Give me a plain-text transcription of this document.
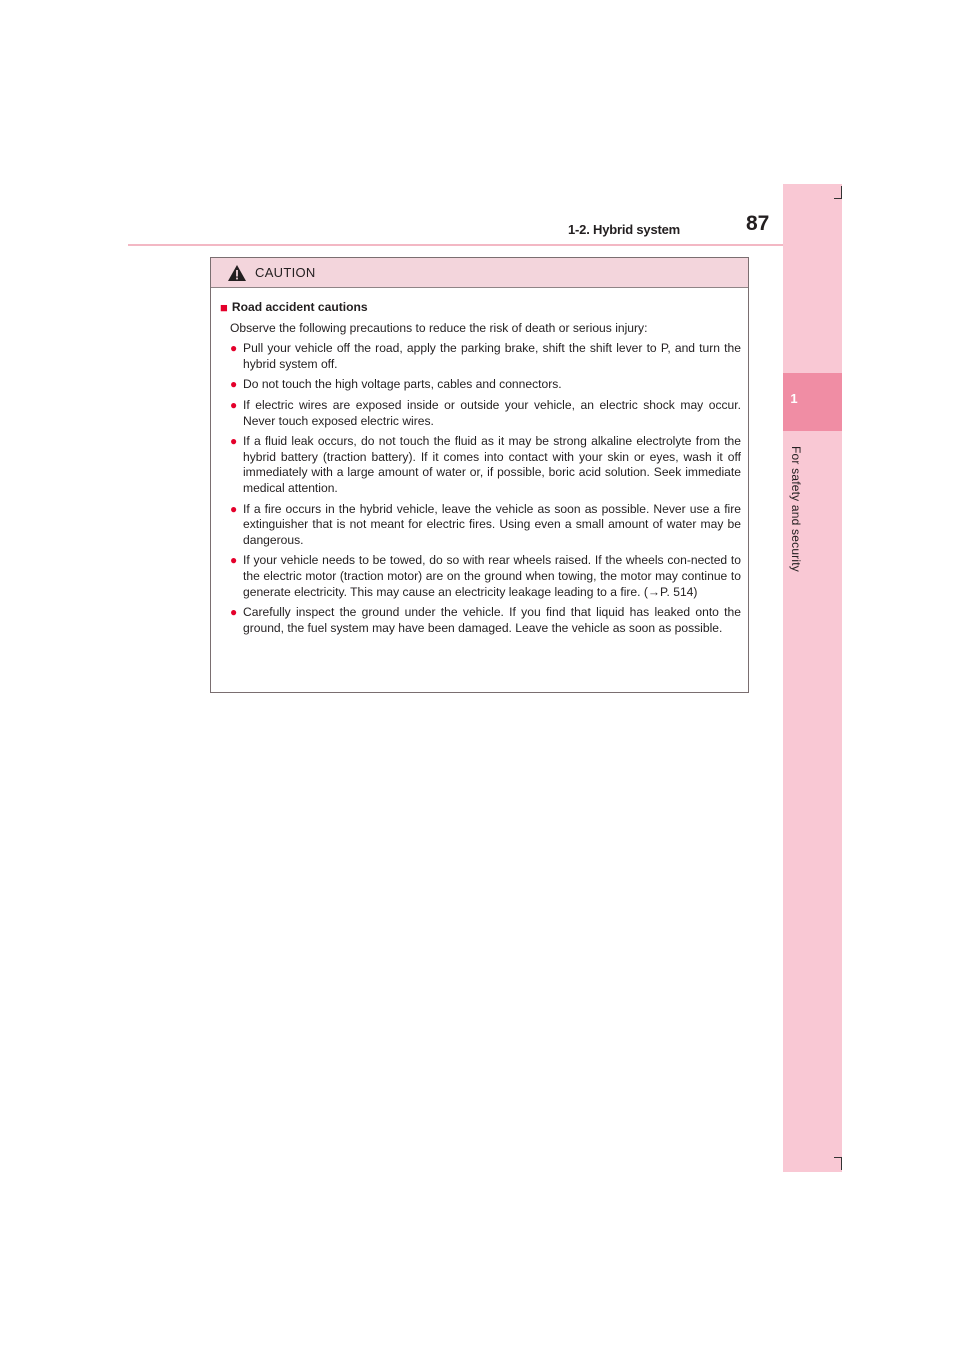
1-2. Hybrid system	87
1
For safety and security
CAUTION
■ Road accident cautions
Observe the following precautions to reduce the risk of death or serious injury:
● Pull your vehicle off the road, apply the parking brake, shift the shift lever to P, and turn the hybrid system off.
● Do not touch the high voltage parts, cables and connectors.
● If electric wires are exposed inside or outside your vehicle, an electric shock may occur. Never touch exposed electric wires.
● If a fluid leak occurs, do not touch the fluid as it may be strong alkaline electrolyte from the hybrid battery (traction battery). If it comes into contact with your skin or eyes, wash it off immediately with a large amount of water or, if possible, boric acid solution. Seek immediate medical attention.
● If a fire occurs in the hybrid vehicle, leave the vehicle as soon as possible. Never use a fire extinguisher that is not meant for electric fires. Using even a small amount of water may be dangerous.
● If your vehicle needs to be towed, do so with rear wheels raised. If the wheels con-nected to the electric motor (traction motor) are on the ground when towing, the motor may continue to generate electricity. This may cause an electricity leakage leading to a fire. (→P. 514)
● Carefully inspect the ground under the vehicle. If you find that liquid has leaked onto the ground, the fuel system may have been damaged. Leave the vehicle as soon as possible.
